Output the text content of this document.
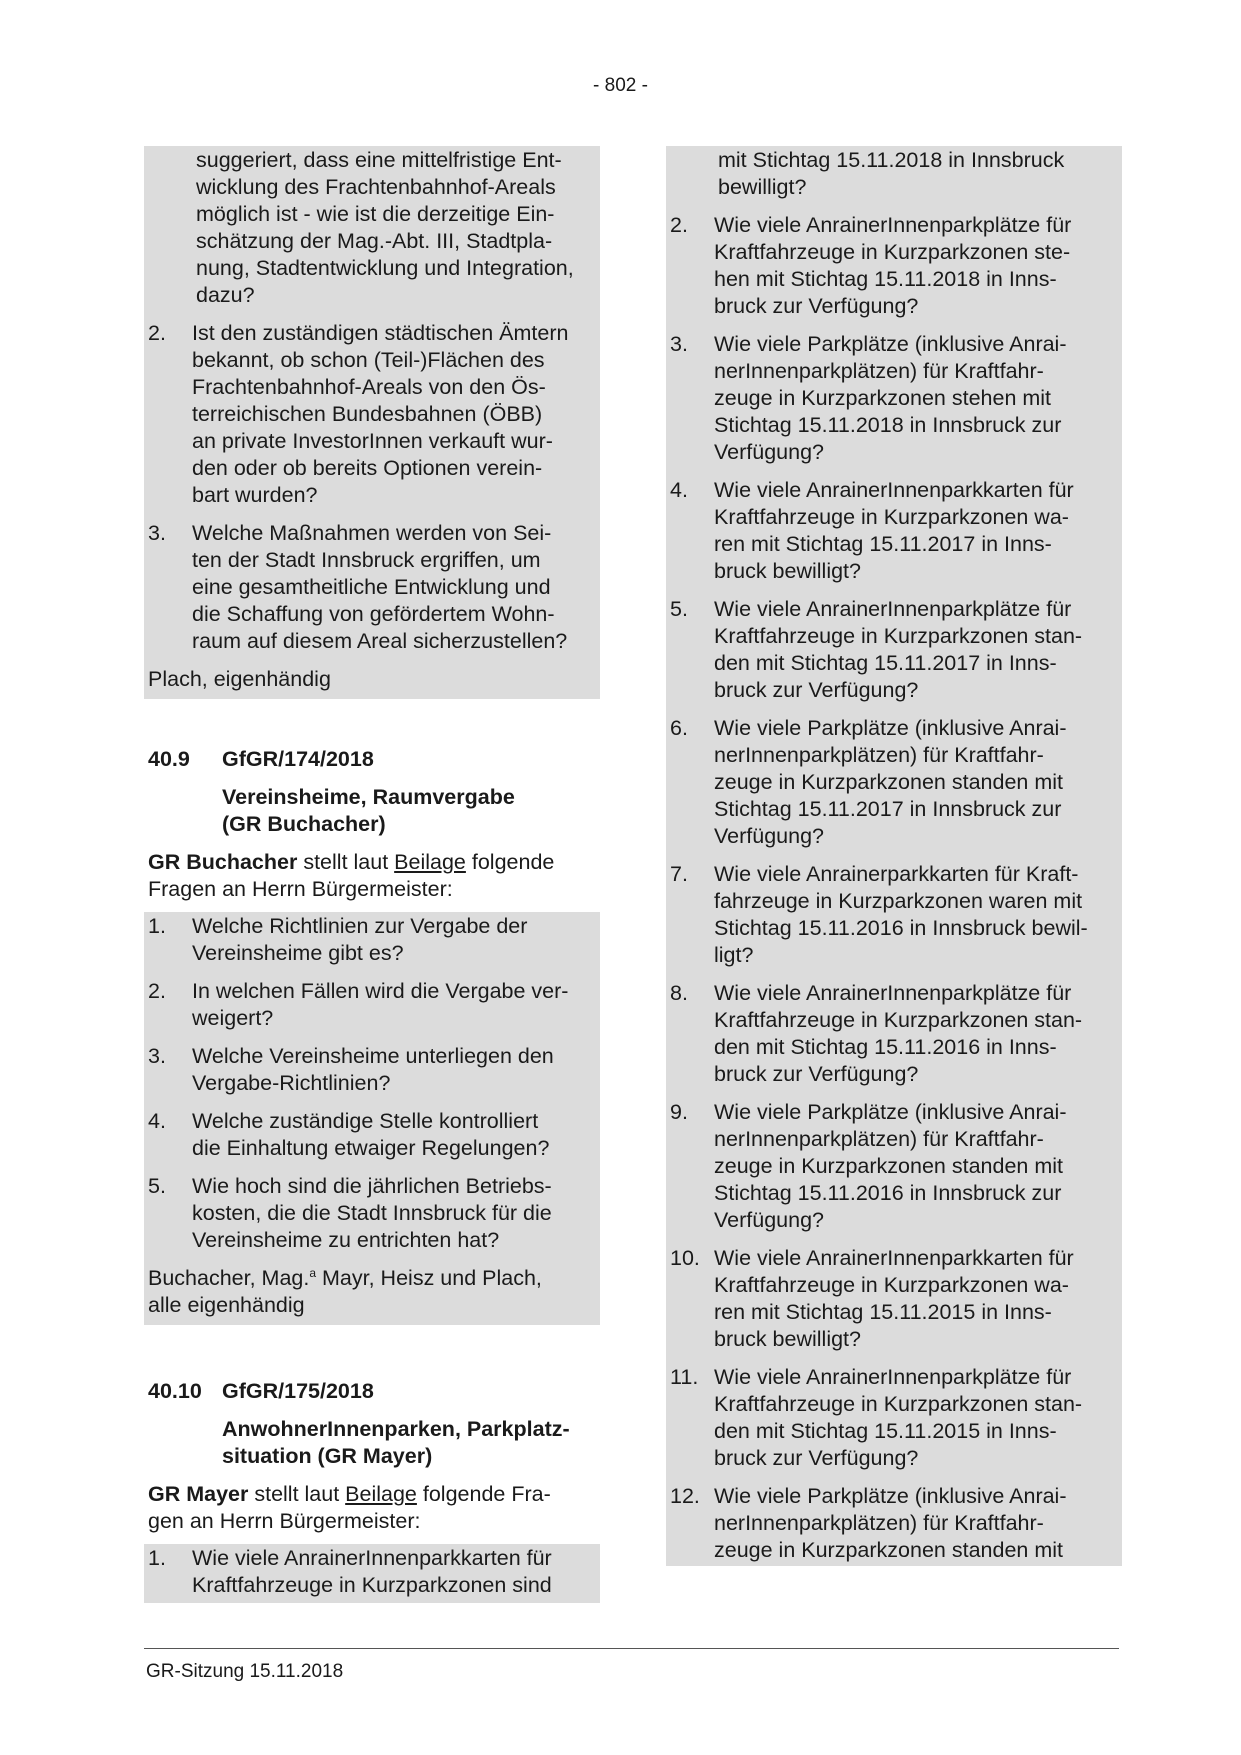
- 802 -
suggeriert, dass eine mittelfristige Ent-
wicklung des Frachtenbahnhof-Areals
möglich ist - wie ist die derzeitige Ein-
schätzung der Mag.-Abt. III, Stadtpla-
nung, Stadtentwicklung und Integration,
dazu?
2.	Ist den zuständigen städtischen Ämtern
bekannt, ob schon (Teil-)Flächen des
Frachtenbahnhof-Areals von den Ös-
terreichischen Bundesbahnen (ÖBB)
an private InvestorInnen verkauft wur-
den oder ob bereits Optionen verein-
bart wurden?
3.	Welche Maßnahmen werden von Sei-
ten der Stadt Innsbruck ergriffen, um
eine gesamtheitliche Entwicklung und
die Schaffung von gefördertem Wohn-
raum auf diesem Areal sicherzustellen?
Plach, eigenhändig
40.9	GfGR/174/2018
Vereinsheime, Raumvergabe
(GR Buchacher)
GR Buchacher stellt laut Beilage folgende
Fragen an Herrn Bürgermeister:
1.	Welche Richtlinien zur Vergabe der
Vereinsheime gibt es?
2.	In welchen Fällen wird die Vergabe ver-
weigert?
3.	Welche Vereinsheime unterliegen den
Vergabe-Richtlinien?
4.	Welche zuständige Stelle kontrolliert
die Einhaltung etwaiger Regelungen?
5.	Wie hoch sind die jährlichen Betriebs-
kosten, die die Stadt Innsbruck für die
Vereinsheime zu entrichten hat?
Buchacher, Mag.$^a$ Mayr, Heisz und Plach,
alle eigenhändig
40.10 GfGR/175/2018
AnwohnerInnenparken, Parkplatz-
situation (GR Mayer)
GR Mayer stellt laut Beilage folgende Fra-
gen an Herrn Bürgermeister:
1.	Wie viele AnrainerInnenparkkarten für
Kraftfahrzeuge in Kurzparkzonen sind
mit Stichtag 15.11.2018 in Innsbruck
bewilligt?
2.	Wie viele AnrainerInnenparkplätze für
Kraftfahrzeuge in Kurzparkzonen ste-
hen mit Stichtag 15.11.2018 in Inns-
bruck zur Verfügung?
3.	Wie viele Parkplätze (inklusive Anrai-
nerInnenparkplätzen) für Kraftfahr-
zeuge in Kurzparkzonen stehen mit
Stichtag 15.11.2018 in Innsbruck zur
Verfügung?
4.	Wie viele AnrainerInnenparkkarten für
Kraftfahrzeuge in Kurzparkzonen wa-
ren mit Stichtag 15.11.2017 in Inns-
bruck bewilligt?
5.	Wie viele AnrainerInnenparkplätze für
Kraftfahrzeuge in Kurzparkzonen stan-
den mit Stichtag 15.11.2017 in Inns-
bruck zur Verfügung?
6.	Wie viele Parkplätze (inklusive Anrai-
nerInnenparkplätzen) für Kraftfahr-
zeuge in Kurzparkzonen standen mit
Stichtag 15.11.2017 in Innsbruck zur
Verfügung?
7.	Wie viele Anrainerparkkarten für Kraft-
fahrzeuge in Kurzparkzonen waren mit
Stichtag 15.11.2016 in Innsbruck bewil-
ligt?
8.	Wie viele AnrainerInnenparkplätze für
Kraftfahrzeuge in Kurzparkzonen stan-
den mit Stichtag 15.11.2016 in Inns-
bruck zur Verfügung?
9.	Wie viele Parkplätze (inklusive Anrai-
nerInnenparkplätzen) für Kraftfahr-
zeuge in Kurzparkzonen standen mit
Stichtag 15.11.2016 in Innsbruck zur
Verfügung?
10. Wie viele AnrainerInnenparkkarten für
Kraftfahrzeuge in Kurzparkzonen wa-
ren mit Stichtag 15.11.2015 in Inns-
bruck bewilligt?
11. Wie viele AnrainerInnenparkplätze für
Kraftfahrzeuge in Kurzparkzonen stan-
den mit Stichtag 15.11.2015 in Inns-
bruck zur Verfügung?
12. Wie viele Parkplätze (inklusive Anrai-
nerInnenparkplätzen) für Kraftfahr-
zeuge in Kurzparkzonen standen mit
GR-Sitzung 15.11.2018
